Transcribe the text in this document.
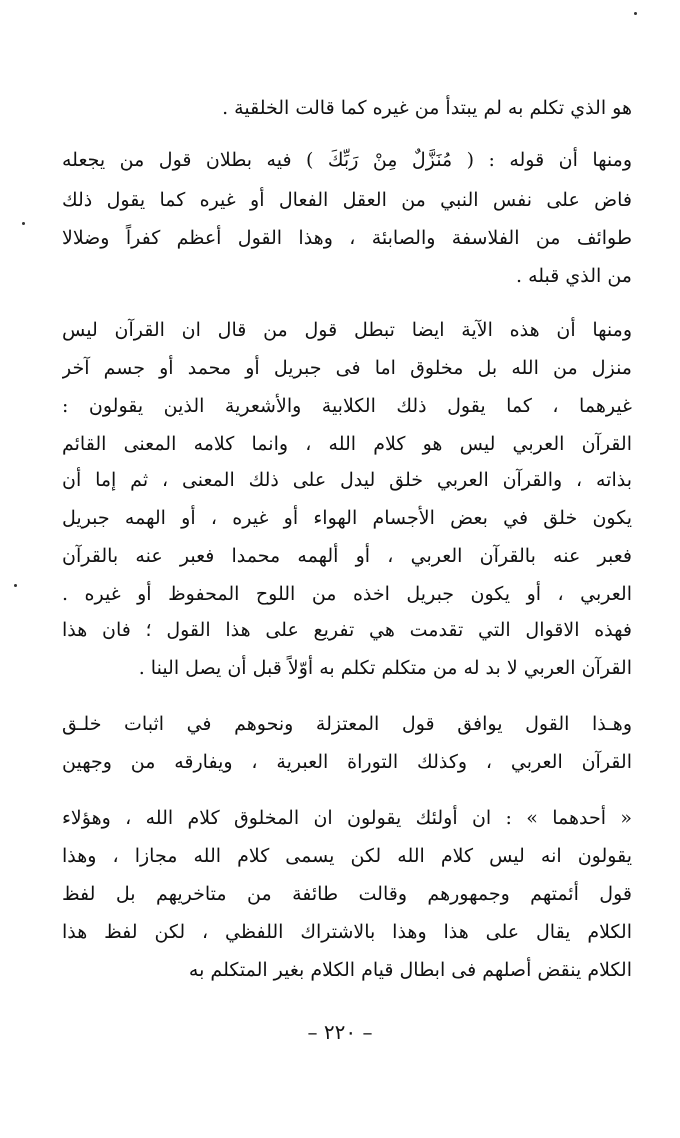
هو الذي تكلم به لم يبتدأ من غيره كما قالت الخلقية .
ومنها أن قوله : ( مُنَزَّلٌ مِنْ رَبِّكَ ) فيه بطلان قول من يجعله
فاض على نفس النبي من العقل الفعال أو غيره كما يقول ذلك
طوائف من الفلاسفة والصابئة ، وهذا القول أعظم كفراً وضلالا
من الذي قبله .
ومنها أن هذه الآية ايضا تبطل قول من قال ان القرآن ليس
منزل من الله بل مخلوق اما فى جبريل أو محمد أو جسم آخر
غيرهما ، كما يقول ذلك الكلابية والأشعرية الذين يقولون :
القرآن العربي ليس هو كلام الله ، وانما كلامه المعنى القائم
بذاته ، والقرآن العربي خلق ليدل على ذلك المعنى ، ثم إما أن
يكون خلق في بعض الأجسام الهواء أو غيره ، أو الهمه جبريل
فعبر عنه بالقرآن العربي ، أو ألهمه محمدا فعبر عنه بالقرآن
العربي ، أو يكون جبريل اخذه من اللوح المحفوظ أو غيره .
فهذه الاقوال التي تقدمت هي تفريع على هذا القول ؛ فان هذا
القرآن العربي لا بد له من متكلم تكلم به أوّلاً قبل أن يصل الينا .
وهـذا القول يوافق قول المعتزلة ونحوهم في اثبات خلـق
القرآن العربي ، وكذلك التوراة العبرية ، ويفارقه من وجهين
« أحدهما » : ان أولئك يقولون ان المخلوق كلام الله ، وهؤلاء
يقولون انه ليس كلام الله لكن يسمى كلام الله مجازا ، وهذا
قول أئمتهم وجمهورهم وقالت طائفة من متاخريهم بل لفظ
الكلام يقال على هذا وهذا بالاشتراك اللفظي ، لكن لفظ هذا
الكلام ينقض أصلهم فى ابطال قيام الكلام بغير المتكلم به
– ٢٢٠ –
